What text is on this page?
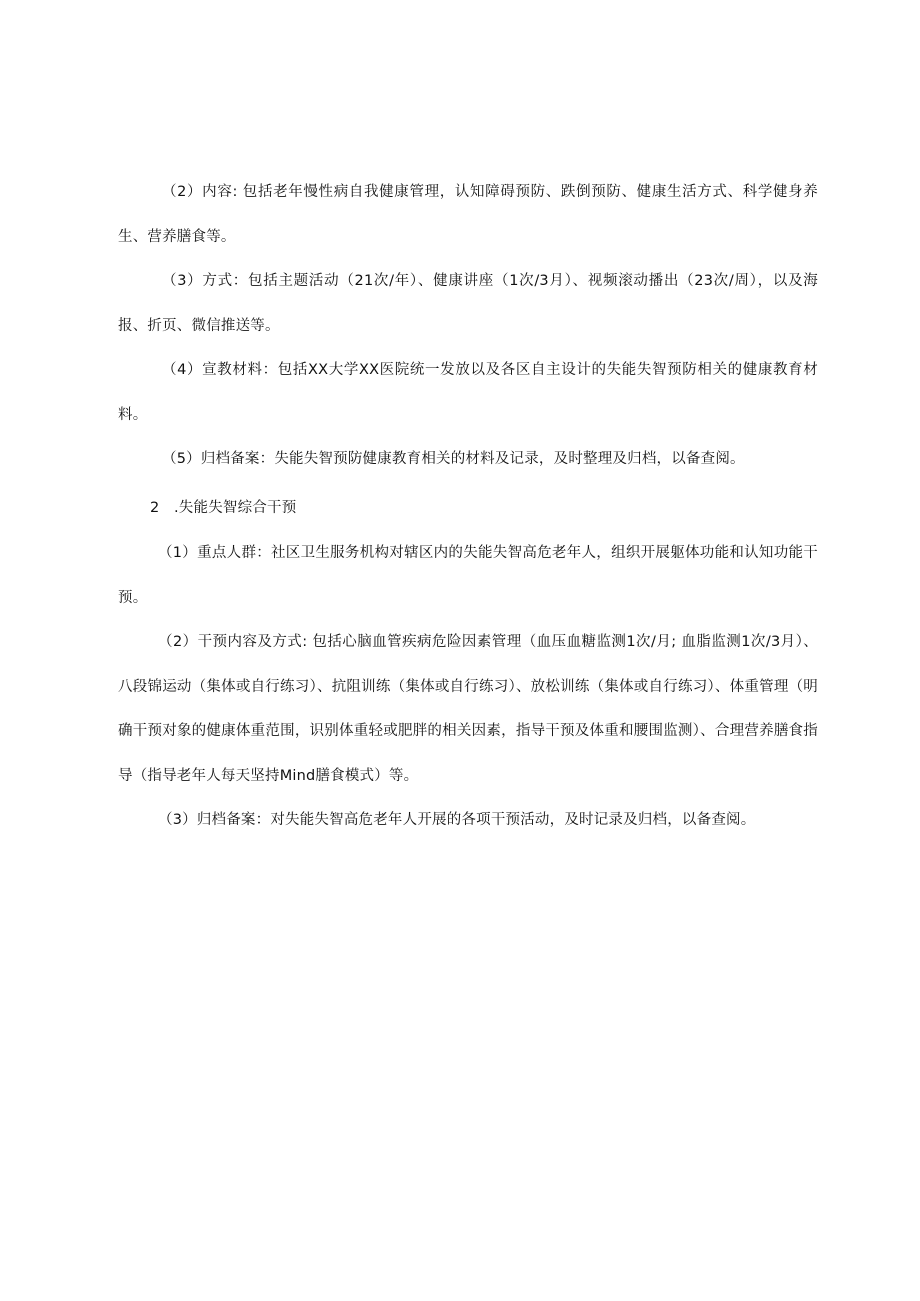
（2）内容: 包括老年慢性病自我健康管理，认知障碍预防、跌倒预防、健康生活方式、科学健身养生、营养膳食等。

（3）方式：包括主题活动（21次/年）、健康讲座（1次/3月）、视频滚动播出（23次/周），以及海报、折页、微信推送等。

（4）宣教材料：包括XX大学XX医院统一发放以及各区自主设计的失能失智预防相关的健康教育材料。

（5）归档备案：失能失智预防健康教育相关的材料及记录，及时整理及归档，以备查阅。

2 .失能失智综合干预

（1）重点人群：社区卫生服务机构对辖区内的失能失智高危老年人，组织开展躯体功能和认知功能干预。

（2）干预内容及方式: 包括心脑血管疾病危险因素管理（血压血糖监测1次/月; 血脂监测1次/3月）、八段锦运动（集体或自行练习）、抗阻训练（集体或自行练习）、放松训练（集体或自行练习）、体重管理（明确干预对象的健康体重范围，识别体重轻或肥胖的相关因素，指导干预及体重和腰围监测）、合理营养膳食指导（指导老年人每天坚持Mind膳食模式）等。

（3）归档备案：对失能失智高危老年人开展的各项干预活动，及时记录及归档，以备查阅。
